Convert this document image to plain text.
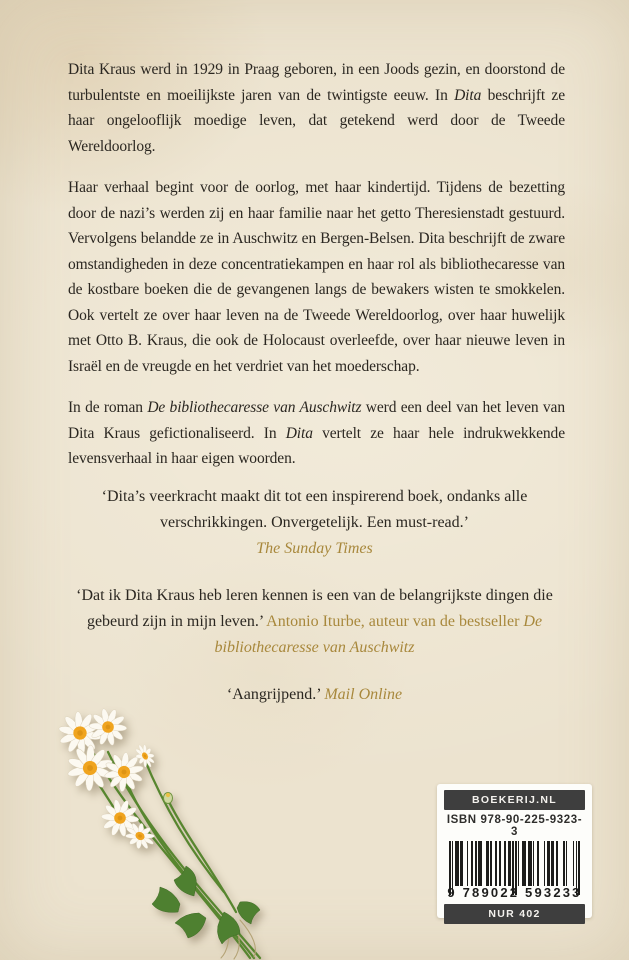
Dita Kraus werd in 1929 in Praag geboren, in een Joods gezin, en doorstond de turbulentste en moeilijkste jaren van de twintigste eeuw. In Dita beschrijft ze haar ongelooflijk moedige leven, dat getekend werd door de Tweede Wereldoorlog.

Haar verhaal begint voor de oorlog, met haar kindertijd. Tijdens de bezetting door de nazi’s werden zij en haar familie naar het getto Theresienstadt gestuurd. Vervolgens belandde ze in Auschwitz en Bergen-Belsen. Dita beschrijft de zware omstandigheden in deze concentratiekampen en haar rol als bibliothecaresse van de kostbare boeken die de gevangenen langs de bewakers wisten te smokkelen. Ook vertelt ze over haar leven na de Tweede Wereldoorlog, over haar huwelijk met Otto B. Kraus, die ook de Holocaust overleefde, over haar nieuwe leven in Israël en de vreugde en het verdriet van het moederschap.

In de roman De bibliothecaresse van Auschwitz werd een deel van het leven van Dita Kraus gefictionaliseerd. In Dita vertelt ze haar hele indrukwekkende levensverhaal in haar eigen woorden.

‘Dita’s veerkracht maakt dit tot een inspirerend boek, ondanks alle verschrikkingen. Onvergetelijk. Een must-read.’

The Sunday Times

‘Dat ik Dita Kraus heb leren kennen is een van de belangrijkste dingen die gebeurd zijn in mijn leven.’ Antonio Iturbe, auteur van de bestseller De bibliothecaresse van Auschwitz

‘Aangrijpend.’ Mail Online

BOEKERIJ.NL
ISBN 978-90-225-9323-3
9 789022 593233
NUR 402
